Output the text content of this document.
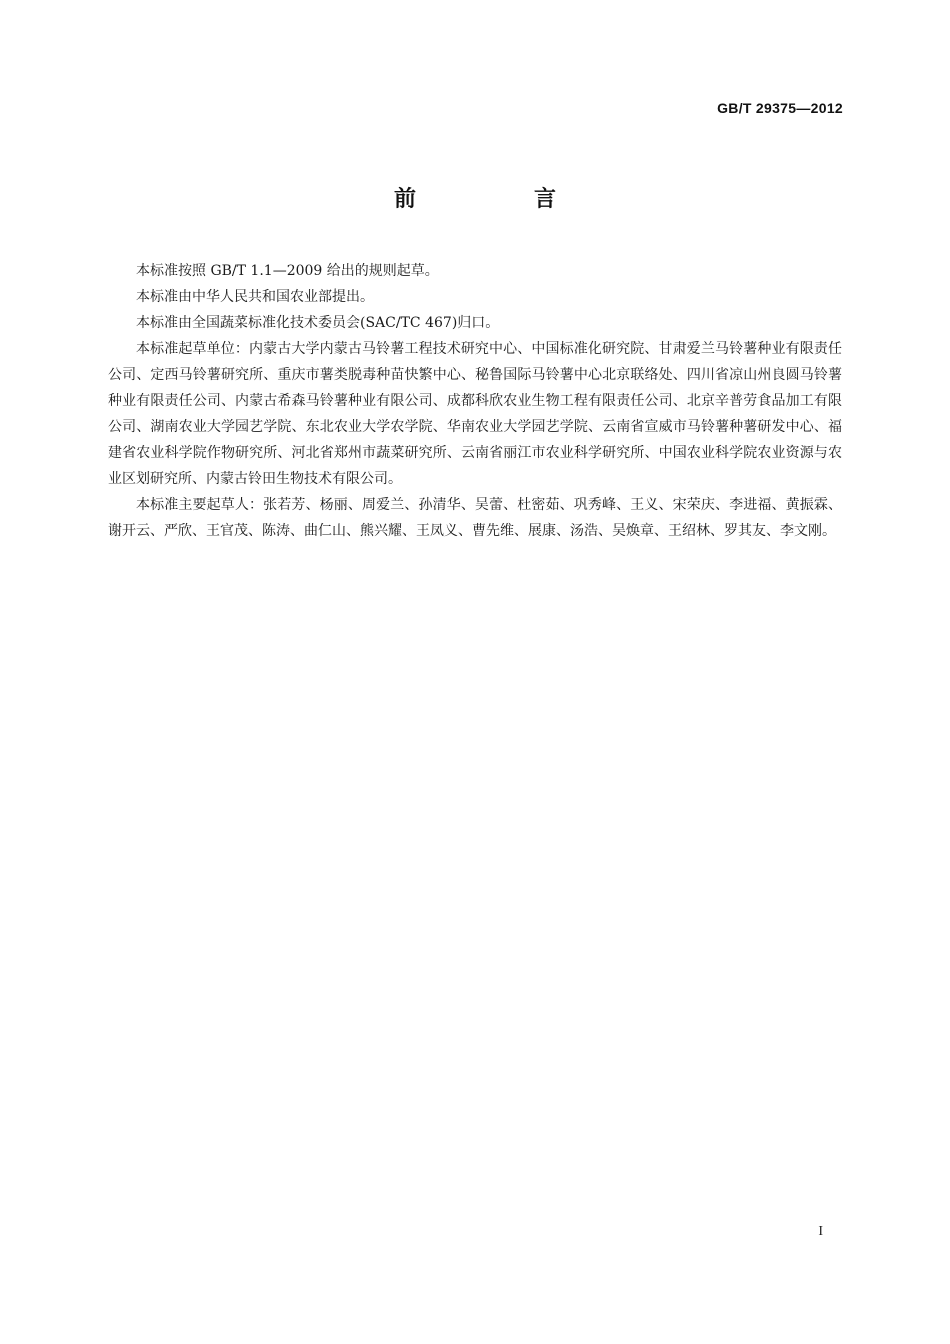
GB/T 29375—2012
前　言

本标准按照 GB/T 1.1—2009 给出的规则起草。

本标准由中华人民共和国农业部提出。

本标准由全国蔬菜标准化技术委员会(SAC/TC 467)归口。

本标准起草单位：内蒙古大学内蒙古马铃薯工程技术研究中心、中国标准化研究院、甘肃爱兰马铃薯种业有限责任公司、定西马铃薯研究所、重庆市薯类脱毒种苗快繁中心、秘鲁国际马铃薯中心北京联络处、四川省凉山州良圆马铃薯种业有限责任公司、内蒙古希森马铃薯种业有限公司、成都科欣农业生物工程有限责任公司、北京辛普劳食品加工有限公司、湖南农业大学园艺学院、东北农业大学农学院、华南农业大学园艺学院、云南省宣威市马铃薯种薯研发中心、福建省农业科学院作物研究所、河北省郑州市蔬菜研究所、云南省丽江市农业科学研究所、中国农业科学院农业资源与农业区划研究所、内蒙古铃田生物技术有限公司。

本标准主要起草人：张若芳、杨丽、周爱兰、孙清华、吴蕾、杜密茹、巩秀峰、王义、宋荣庆、李进福、黄振霖、谢开云、严欣、王官茂、陈涛、曲仁山、熊兴耀、王凤义、曹先维、展康、汤浩、吴焕章、王绍林、罗其友、李文刚。

I
